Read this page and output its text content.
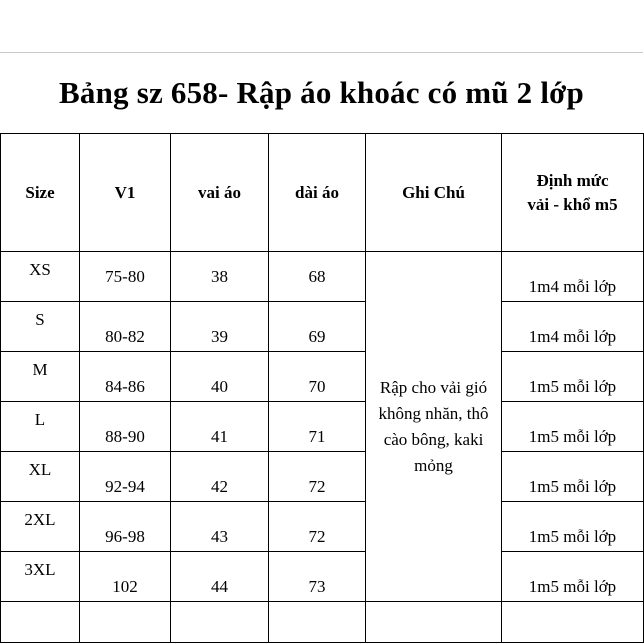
Bảng sz 658- Rập áo khoác có mũ 2 lớp
Size	V1	vai áo	dài áo	Ghi Chú	Định mức
vải - khổ m5

XS	75-80	38	68	Rập cho vải gió
không nhăn, thô
cào bông, kaki
mỏng	1m4 mỗi lớp
S	80-82	39	69		1m4 mỗi lớp
M	84-86	40	70		1m5 mỗi lớp
L	88-90	41	71		1m5 mỗi lớp
XL	92-94	42	72		1m5 mỗi lớp
2XL	96-98	43	72		1m5 mỗi lớp
3XL	102	44	73		1m5 mỗi lớp
